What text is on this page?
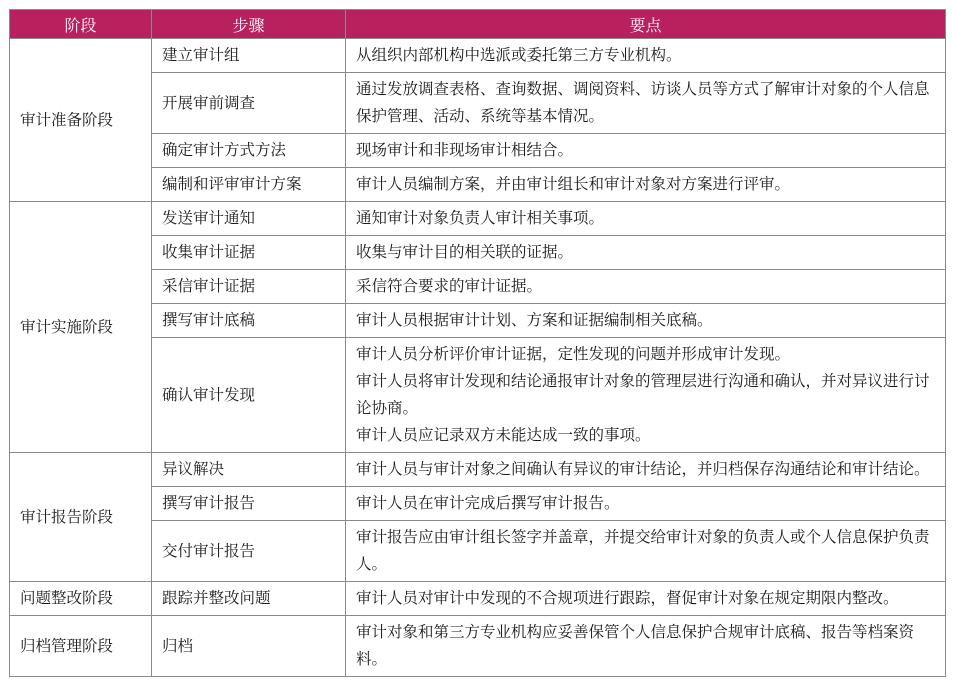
阶段	步骤	要点
审计准备阶段	建立审计组	从组织内部机构中选派或委托第三方专业机构。
	开展审前调查	通过发放调查表格、查询数据、调阅资料、访谈人员等方式了解审计对象的个人信息保护管理、活动、系统等基本情况。
	确定审计方式方法	现场审计和非现场审计相结合。
	编制和评审审计方案	审计人员编制方案，并由审计组长和审计对象对方案进行评审。
审计实施阶段	发送审计通知	通知审计对象负责人审计相关事项。
	收集审计证据	收集与审计目的相关联的证据。
	采信审计证据	采信符合要求的审计证据。
	撰写审计底稿	审计人员根据审计计划、方案和证据编制相关底稿。
	确认审计发现	审计人员分析评价审计证据，定性发现的问题并形成审计发现。
审计人员将审计发现和结论通报审计对象的管理层进行沟通和确认，并对异议进行讨论协商。
审计人员应记录双方未能达成一致的事项。

审计报告阶段	异议解决	审计人员与审计对象之间确认有异议的审计结论，并归档保存沟通结论和审计结论。
	撰写审计报告	审计人员在审计完成后撰写审计报告。
	交付审计报告	审计报告应由审计组长签字并盖章，并提交给审计对象的负责人或个人信息保护负责人。
问题整改阶段	跟踪并整改问题	审计人员对审计中发现的不合规项进行跟踪，督促审计对象在规定期限内整改。
归档管理阶段	归档	审计对象和第三方专业机构应妥善保管个人信息保护合规审计底稿、报告等档案资料。
